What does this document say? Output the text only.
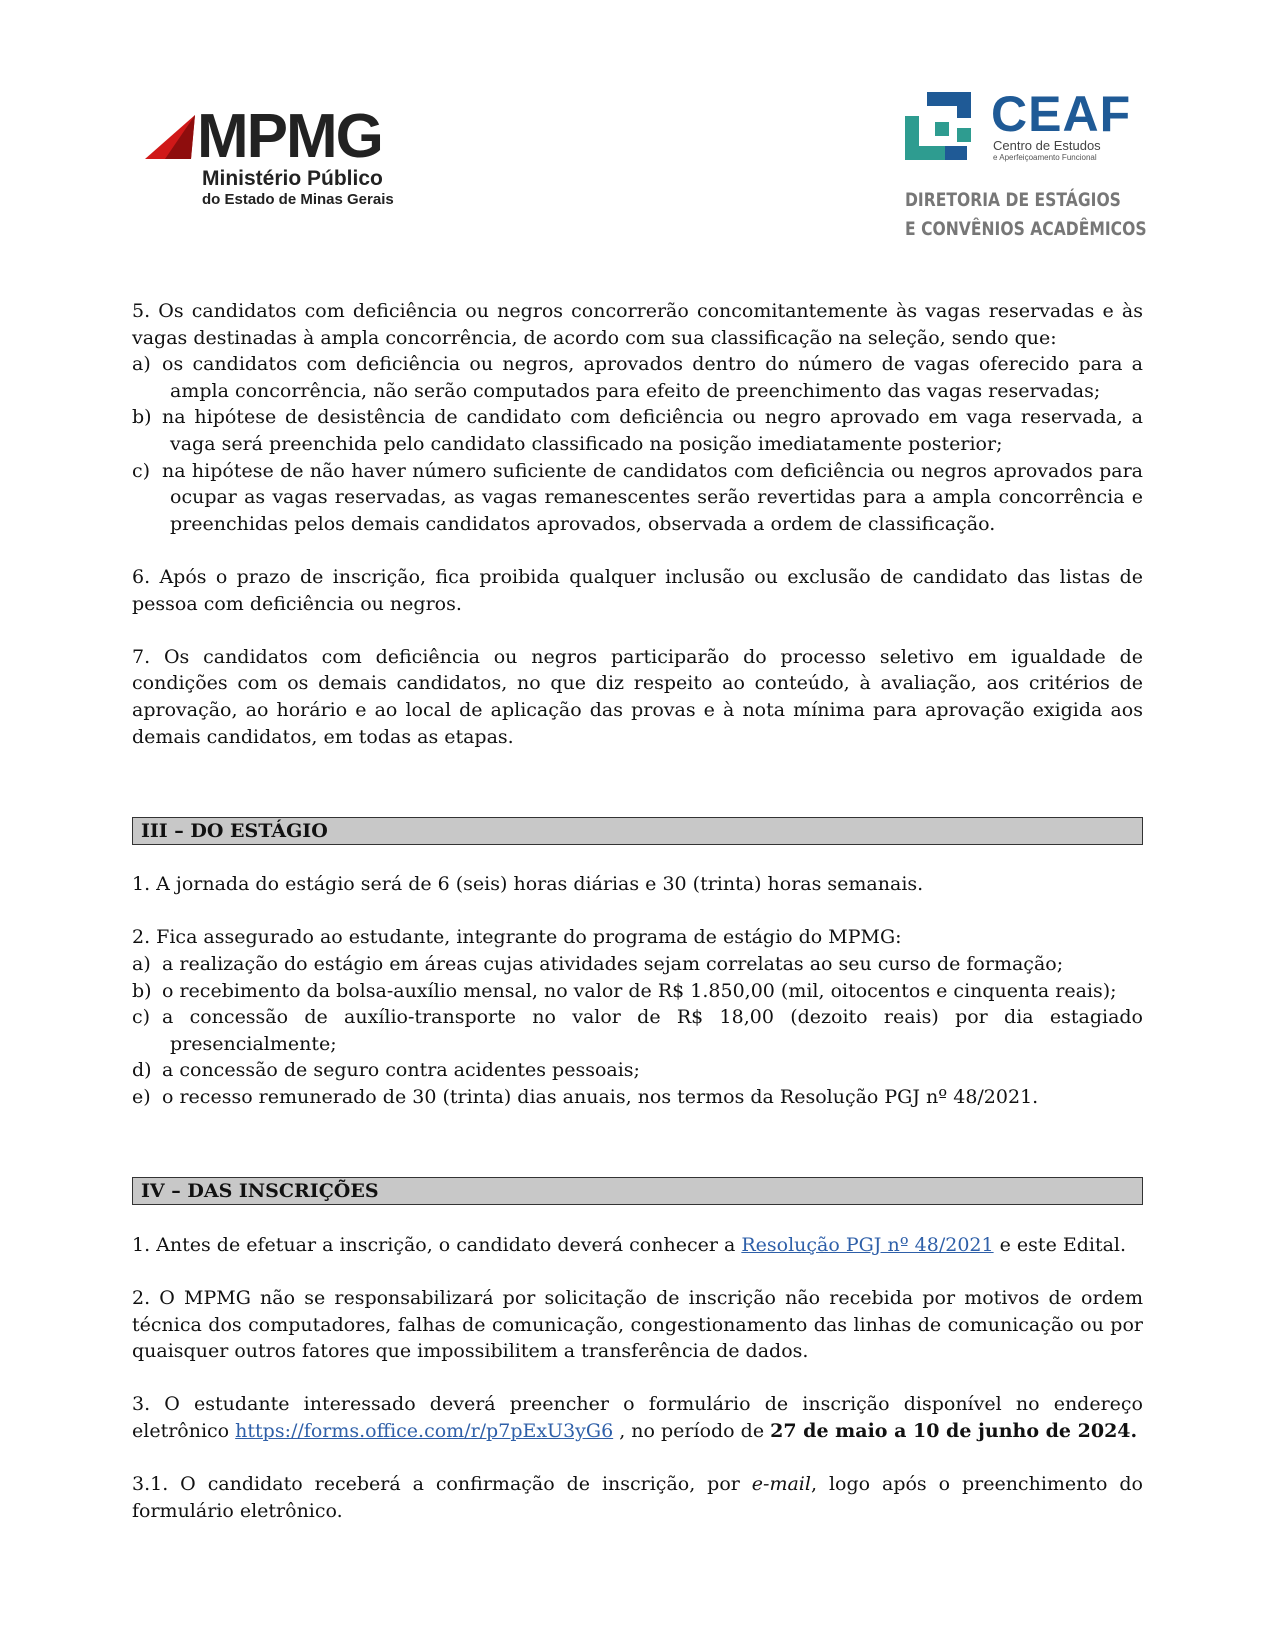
MPMG
Ministério Público
do Estado de Minas Gerais
CEAF
Centro de Estudos
e Aperfeiçoamento Funcional
DIRETORIA DE ESTÁGIOS
E CONVÊNIOS ACADÊMICOS

5. Os candidatos com deficiência ou negros concorrerão concomitantemente às vagas reservadas e às vagas destinadas à ampla concorrência, de acordo com sua classificação na seleção, sendo que:

a) os candidatos com deficiência ou negros, aprovados dentro do número de vagas oferecido para a ampla concorrência, não serão computados para efeito de preenchimento das vagas reservadas;

b) na hipótese de desistência de candidato com deficiência ou negro aprovado em vaga reservada, a vaga será preenchida pelo candidato classificado na posição imediatamente posterior;

c) na hipótese de não haver número suficiente de candidatos com deficiência ou negros aprovados para ocupar as vagas reservadas, as vagas remanescentes serão revertidas para a ampla concorrência e preenchidas pelos demais candidatos aprovados, observada a ordem de classificação.

6. Após o prazo de inscrição, fica proibida qualquer inclusão ou exclusão de candidato das listas de pessoa com deficiência ou negros.

7. Os candidatos com deficiência ou negros participarão do processo seletivo em igualdade de condições com os demais candidatos, no que diz respeito ao conteúdo, à avaliação, aos critérios de aprovação, ao horário e ao local de aplicação das provas e à nota mínima para aprovação exigida aos demais candidatos, em todas as etapas.

III – DO ESTÁGIO

1. A jornada do estágio será de 6 (seis) horas diárias e 30 (trinta) horas semanais.

2. Fica assegurado ao estudante, integrante do programa de estágio do MPMG:

a) a realização do estágio em áreas cujas atividades sejam correlatas ao seu curso de formação;

b) o recebimento da bolsa-auxílio mensal, no valor de R$ 1.850,00 (mil, oitocentos e cinquenta reais);

c) a concessão de auxílio-transporte no valor de R$ 18,00 (dezoito reais) por dia estagiado presencialmente;

d) a concessão de seguro contra acidentes pessoais;

e) o recesso remunerado de 30 (trinta) dias anuais, nos termos da Resolução PGJ nº 48/2021.

IV – DAS INSCRIÇÕES

1. Antes de efetuar a inscrição, o candidato deverá conhecer a Resolução PGJ nº 48/2021 e este Edital.

2. O MPMG não se responsabilizará por solicitação de inscrição não recebida por motivos de ordem técnica dos computadores, falhas de comunicação, congestionamento das linhas de comunicação ou por quaisquer outros fatores que impossibilitem a transferência de dados.

3. O estudante interessado deverá preencher o formulário de inscrição disponível no endereço eletrônico https://forms.office.com/r/p7pExU3yG6 , no período de 27 de maio a 10 de junho de 2024.

3.1. O candidato receberá a confirmação de inscrição, por e-mail, logo após o preenchimento do formulário eletrônico.
